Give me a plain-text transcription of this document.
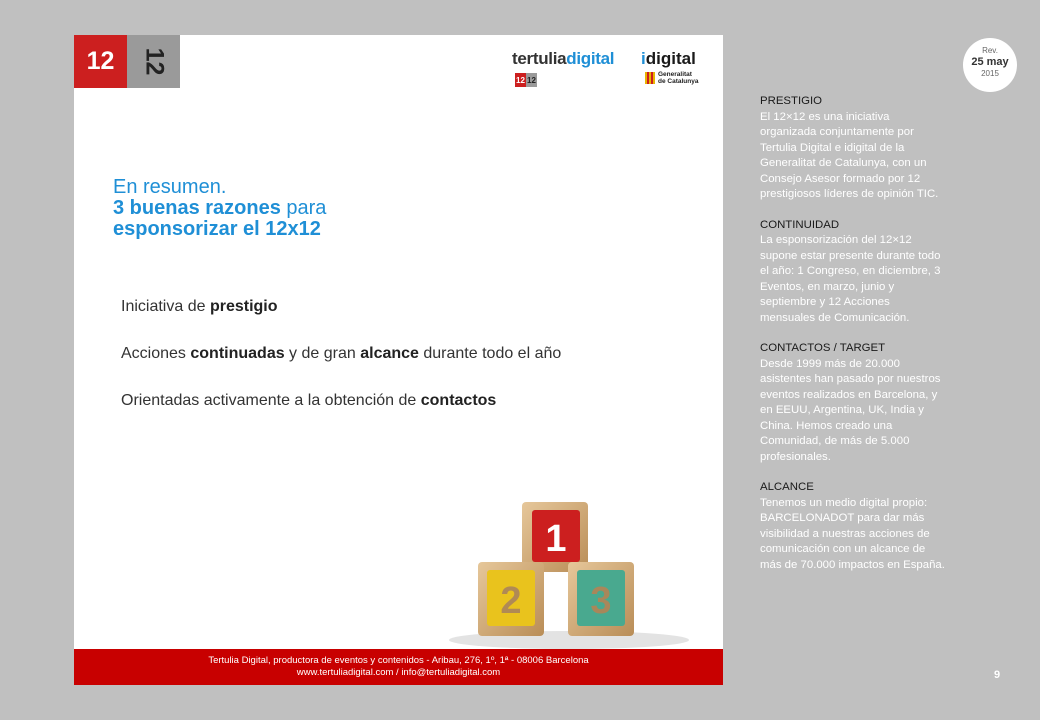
12 12	tertuliadigital
12 12
idigital
Generalitat
de Catalunya
En resumen.
3 buenas razones para
esponsorizar el 12x12
Iniciativa de prestigio
Acciones continuadas y de gran alcance durante todo el año
Orientadas activamente a la obtención de contactos
1
2 3
Tertulia Digital, productora de eventos y contenidos - Aribau, 276, 1º, 1ª - 08006 Barcelona
www.tertuliadigital.com / info@tertuliadigital.com
Rev.
25 may
2015
PRESTIGIO
El 12×12 es una iniciativa organizada conjuntamente por Tertulia Digital e idigital de la Generalitat de Catalunya, con un Consejo Asesor formado por 12 prestigiosos líderes de opinión TIC.
CONTINUIDAD
La esponsorización del 12×12 supone estar presente durante todo el año: 1 Congreso, en diciembre, 3 Eventos, en marzo, junio y septiembre y 12 Acciones mensuales de Comunicación.
CONTACTOS / TARGET
Desde 1999 más de 20.000 asistentes han pasado por nuestros eventos realizados en Barcelona, y en EEUU, Argentina, UK, India y China. Hemos creado una Comunidad, de más de 5.000 profesionales.
ALCANCE
Tenemos un medio digital propio: BARCELONADOT para dar más visibilidad a nuestras acciones de comunicación con un alcance de más de 70.000 impactos en España.
9
